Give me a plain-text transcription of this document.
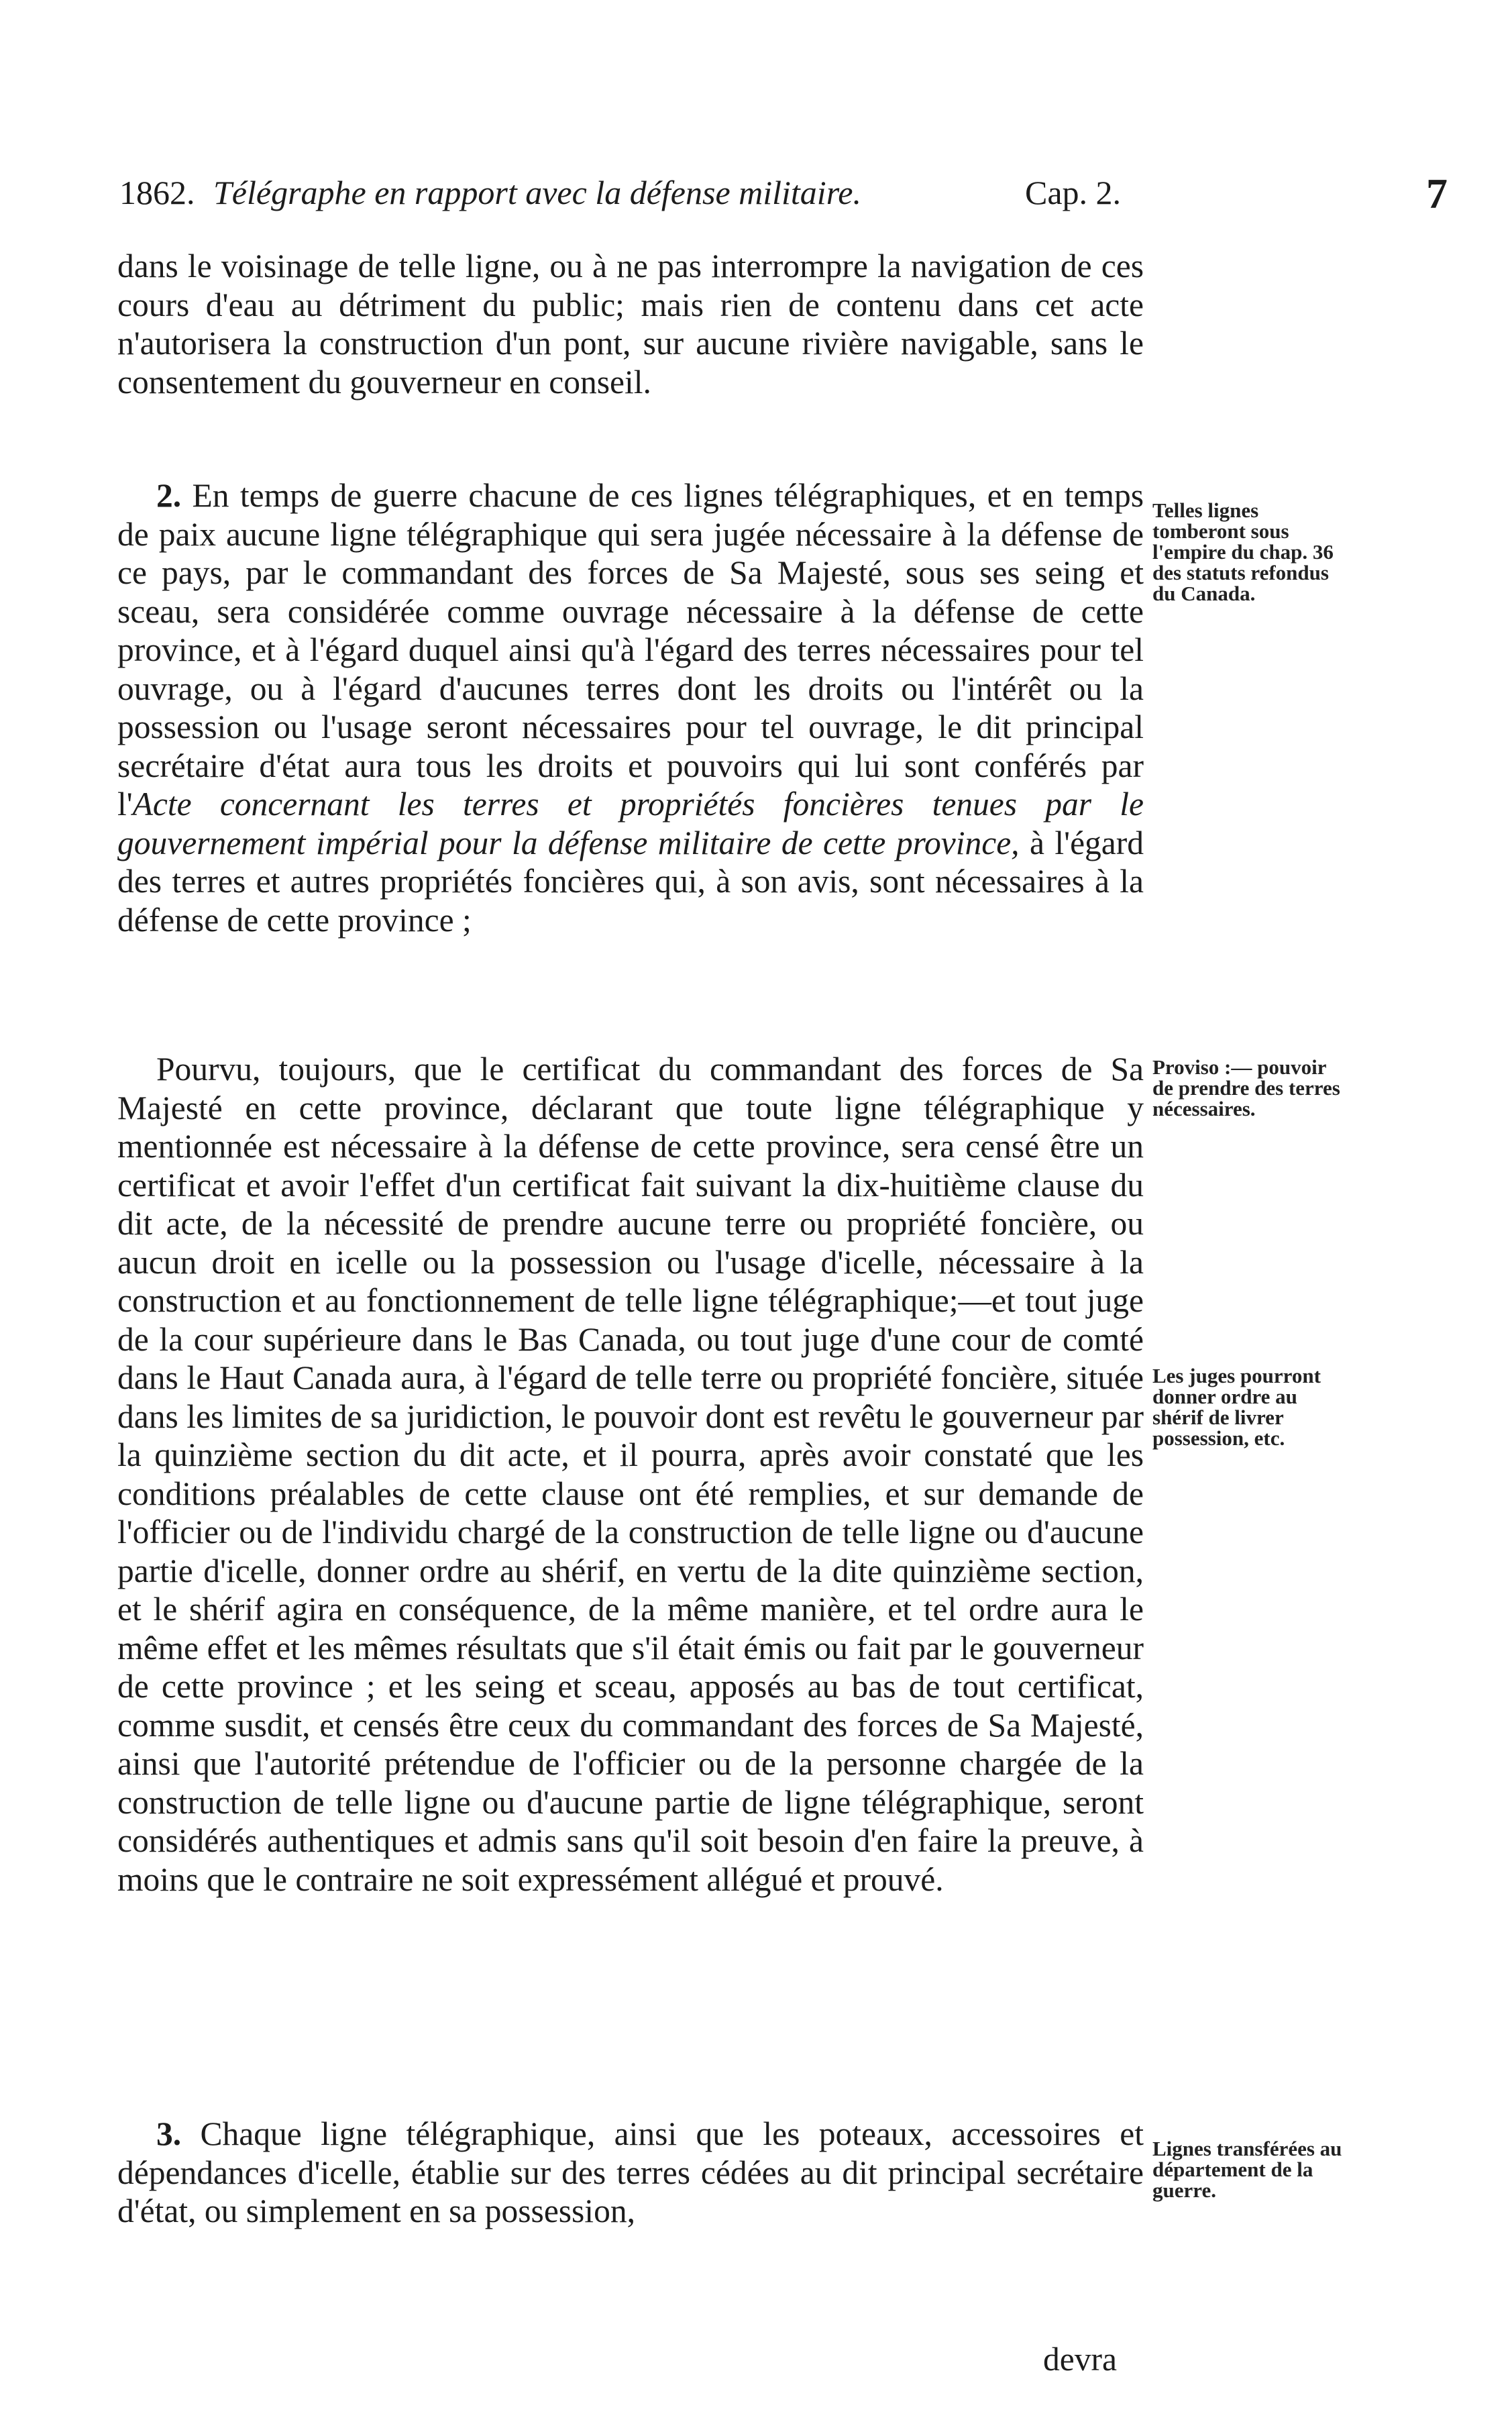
1862. Télégraphe en rapport avec la défense militaire.	Cap. 2.	7

dans le voisinage de telle ligne, ou à ne pas interrompre la navigation de ces cours d'eau au détriment du public; mais rien de contenu dans cet acte n'autorisera la construction d'un pont, sur aucune rivière navigable, sans le consentement du gouverneur en conseil.

2. En temps de guerre chacune de ces lignes télégraphiques, et en temps de paix aucune ligne télégraphique qui sera jugée nécessaire à la défense de ce pays, par le commandant des forces de Sa Majesté, sous ses seing et sceau, sera considérée comme ouvrage nécessaire à la défense de cette province, et à l'égard duquel ainsi qu'à l'égard des terres nécessaires pour tel ouvrage, ou à l'égard d'aucunes terres dont les droits ou l'intérêt ou la possession ou l'usage seront nécessaires pour tel ouvrage, le dit principal secrétaire d'état aura tous les droits et pouvoirs qui lui sont conférés par l'Acte concernant les terres et propriétés foncières tenues par le gouvernement impérial pour la défense militaire de cette province, à l'égard des terres et autres propriétés foncières qui, à son avis, sont nécessaires à la défense de cette province ;

Pourvu, toujours, que le certificat du commandant des forces de Sa Majesté en cette province, déclarant que toute ligne télégraphique y mentionnée est nécessaire à la défense de cette province, sera censé être un certificat et avoir l'effet d'un certificat fait suivant la dix-huitième clause du dit acte, de la nécessité de prendre aucune terre ou propriété foncière, ou aucun droit en icelle ou la possession ou l'usage d'icelle, nécessaire à la construction et au fonctionnement de telle ligne télégraphique;—et tout juge de la cour supérieure dans le Bas Canada, ou tout juge d'une cour de comté dans le Haut Canada aura, à l'égard de telle terre ou propriété foncière, située dans les limites de sa juridiction, le pouvoir dont est revêtu le gouverneur par la quinzième section du dit acte, et il pourra, après avoir constaté que les conditions préalables de cette clause ont été remplies, et sur demande de l'officier ou de l'individu chargé de la construction de telle ligne ou d'aucune partie d'icelle, donner ordre au shérif, en vertu de la dite quinzième section, et le shérif agira en conséquence, de la même manière, et tel ordre aura le même effet et les mêmes résultats que s'il était émis ou fait par le gouverneur de cette province ; et les seing et sceau, apposés au bas de tout certificat, comme susdit, et censés être ceux du commandant des forces de Sa Majesté, ainsi que l'autorité prétendue de l'officier ou de la personne chargée de la construction de telle ligne ou d'aucune partie de ligne télégraphique, seront considérés authentiques et admis sans qu'il soit besoin d'en faire la preuve, à moins que le contraire ne soit expressément allégué et prouvé.

3. Chaque ligne télégraphique, ainsi que les poteaux, accessoires et dépendances d'icelle, établie sur des terres cédées au dit principal secrétaire d'état, ou simplement en sa possession,

devra
Telles lignes tomberont sous l'empire du chap. 36 des statuts refondus du Canada.
Proviso :— pouvoir de prendre des terres nécessaires.
Les juges pourront donner ordre au shérif de livrer possession, etc.
Lignes transférées au département de la guerre.
